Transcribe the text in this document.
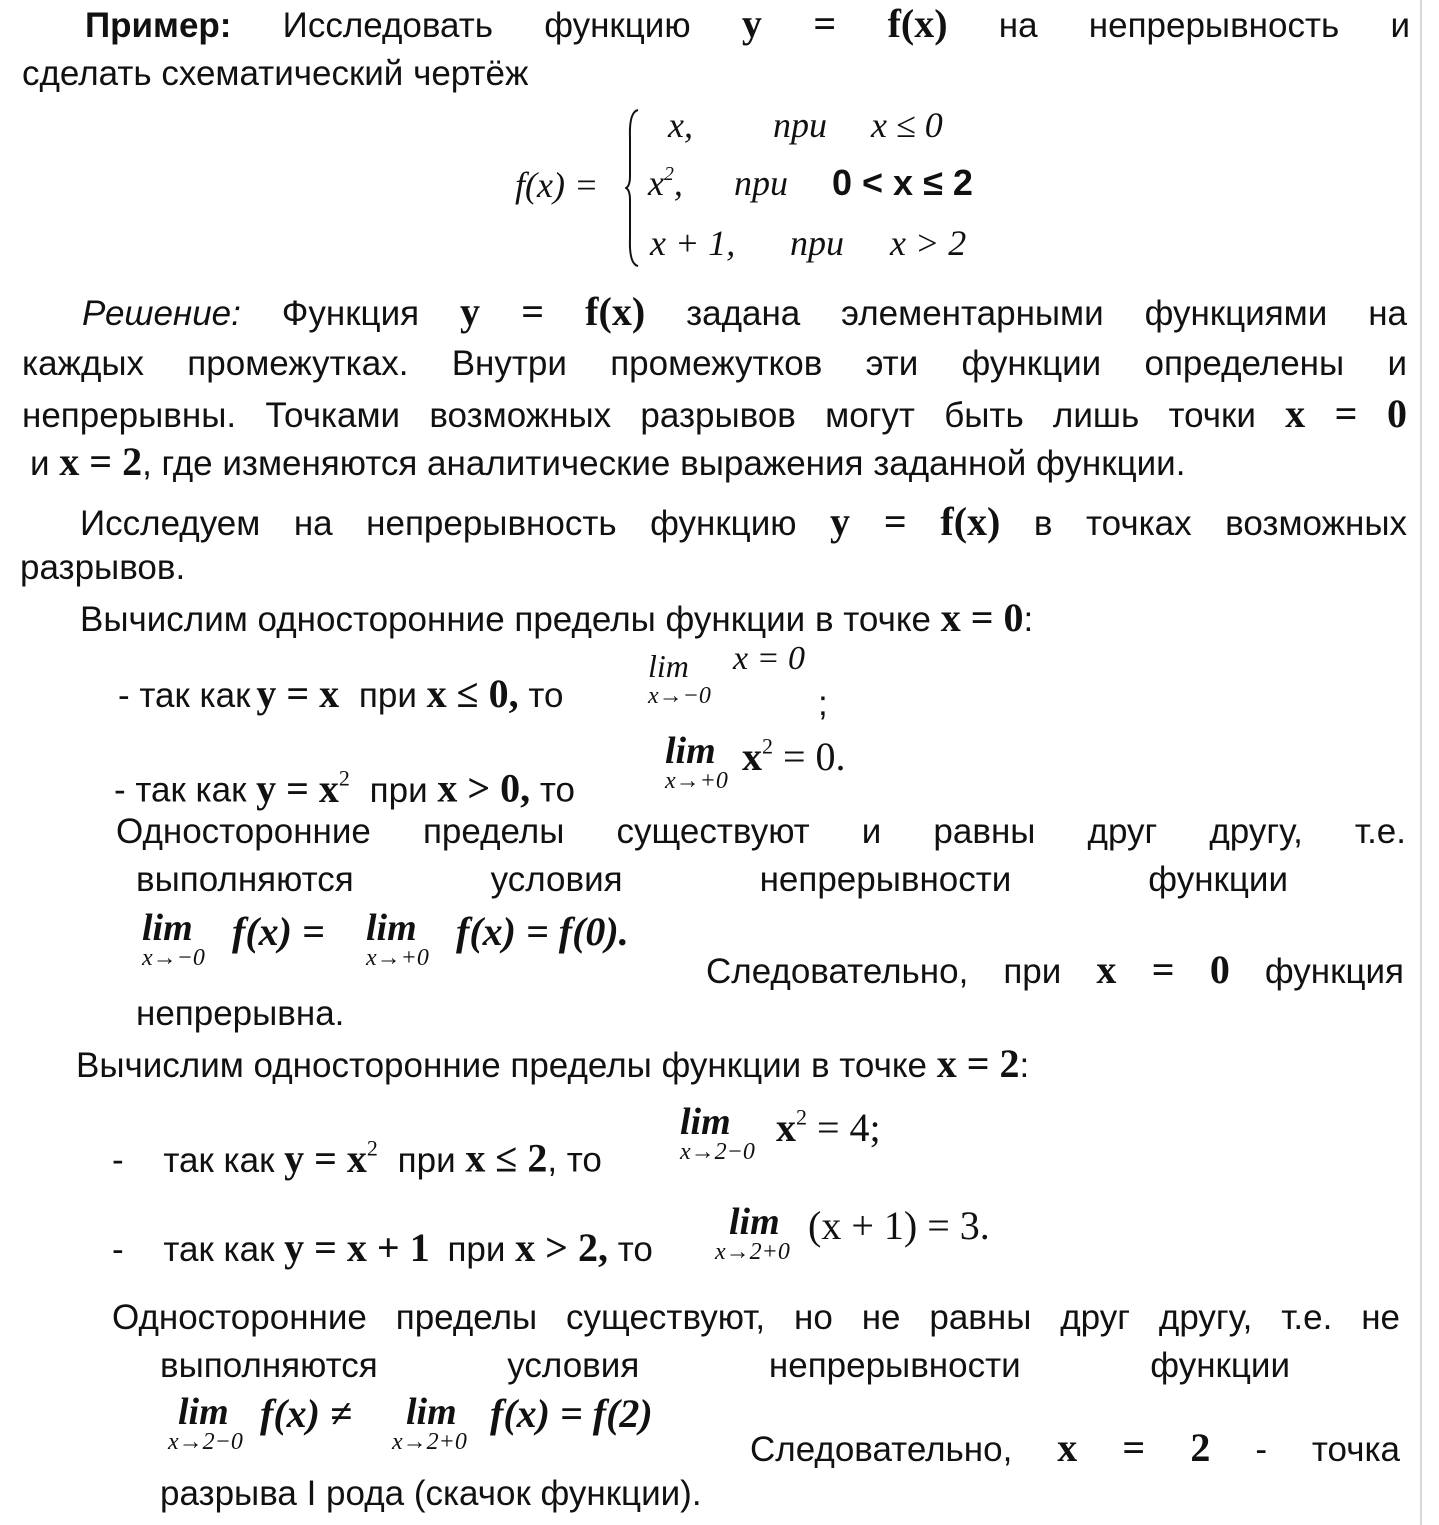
Пример: Исследовать функцию y = f(x) на непрерывность и
сделать схематический чертёж
f(x) =
x, при x ≤ 0
$x^2$, при 0 < x ≤ 2
x + 1, при x > 2
Решение: Функция y = f(x) задана элементарными функциями на
каждых промежутках. Внутри промежутков эти функции определены и
непрерывны. Точками возможных разрывов могут быть лишь точки x = 0
и x = 2, где изменяются аналитические выражения заданной функции.
Исследуем на непрерывность функцию y = f(x) в точках возможных
разрывов.
Вычислим односторонние пределы функции в точке x = 0:
- так как y = x при x ≤ 0, то
lim
x→−0
x = 0
;
- так как $y = x^2$ при x > 0, то
lim
x→+0
$x^2 = 0$.
Односторонние пределы существуют и равны друг другу, т.е.
выполняются условия непрерывности функции
lim
x→−0
f(x) = lim
x→+0
f(x) = f(0).
Следовательно, при x = 0 функция
непрерывна.
Вычислим односторонние пределы функции в точке x = 2:
- так как $y = x^2$ при x ≤ 2, то
lim
x→2−0
$x^2 = 4$;
- так как y = x + 1 при x > 2, то
lim
x→2+0
(x + 1) = 3.
Односторонние пределы существуют, но не равны друг другу, т.е. не
выполняются условия непрерывности функции
lim
x→2−0
f(x) ≠ lim
x→2+0
f(x) = f(2)
Следовательно, x = 2 - точка
разрыва I рода (скачок функции).
